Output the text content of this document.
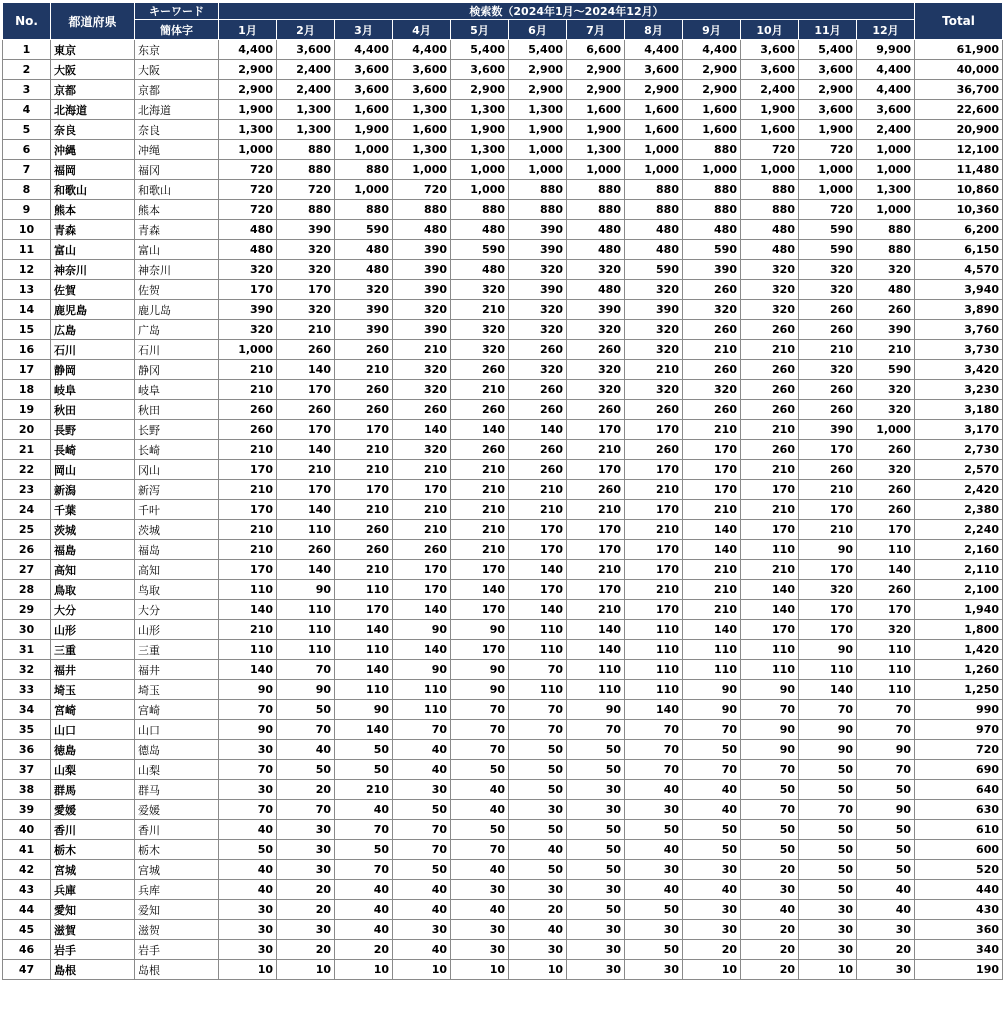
No.	都道府県	キーワード	検索数（2024年1月～2024年12月）												Total
		簡体字	1月	2月	3月	4月	5月	6月	7月	8月	9月	10月	11月	12月	
1	東京	东京	4,400	3,600	4,400	4,400	5,400	5,400	6,600	4,400	4,400	3,600	5,400	9,900	61,900
2	大阪	大阪	2,900	2,400	3,600	3,600	3,600	2,900	2,900	3,600	2,900	3,600	3,600	4,400	40,000
3	京都	京都	2,900	2,400	3,600	3,600	2,900	2,900	2,900	2,900	2,900	2,400	2,900	4,400	36,700
4	北海道	北海道	1,900	1,300	1,600	1,300	1,300	1,300	1,600	1,600	1,600	1,900	3,600	3,600	22,600
5	奈良	奈良	1,300	1,300	1,900	1,600	1,900	1,900	1,900	1,600	1,600	1,600	1,900	2,400	20,900
6	沖縄	冲绳	1,000	880	1,000	1,300	1,300	1,000	1,300	1,000	880	720	720	1,000	12,100
7	福岡	福冈	720	880	880	1,000	1,000	1,000	1,000	1,000	1,000	1,000	1,000	1,000	11,480
8	和歌山	和歌山	720	720	1,000	720	1,000	880	880	880	880	880	1,000	1,300	10,860
9	熊本	熊本	720	880	880	880	880	880	880	880	880	880	720	1,000	10,360
10	青森	青森	480	390	590	480	480	390	480	480	480	480	590	880	6,200
11	富山	富山	480	320	480	390	590	390	480	480	590	480	590	880	6,150
12	神奈川	神奈川	320	320	480	390	480	320	320	590	390	320	320	320	4,570
13	佐賀	佐贺	170	170	320	390	320	390	480	320	260	320	320	480	3,940
14	鹿児島	鹿儿岛	390	320	390	320	210	320	390	390	320	320	260	260	3,890
15	広島	广岛	320	210	390	390	320	320	320	320	260	260	260	390	3,760
16	石川	石川	1,000	260	260	210	320	260	260	320	210	210	210	210	3,730
17	静岡	静冈	210	140	210	320	260	320	320	210	260	260	320	590	3,420
18	岐阜	岐阜	210	170	260	320	210	260	320	320	320	260	260	320	3,230
19	秋田	秋田	260	260	260	260	260	260	260	260	260	260	260	320	3,180
20	長野	长野	260	170	170	140	140	140	170	170	210	210	390	1,000	3,170
21	長崎	长崎	210	140	210	320	260	260	210	260	170	260	170	260	2,730
22	岡山	冈山	170	210	210	210	210	260	170	170	170	210	260	320	2,570
23	新潟	新泻	210	170	170	170	210	210	260	210	170	170	210	260	2,420
24	千葉	千叶	170	140	210	210	210	210	210	170	210	210	170	260	2,380
25	茨城	茨城	210	110	260	210	210	170	170	210	140	170	210	170	2,240
26	福島	福岛	210	260	260	260	210	170	170	170	140	110	90	110	2,160
27	高知	高知	170	140	210	170	170	140	210	170	210	210	170	140	2,110
28	鳥取	鸟取	110	90	110	170	140	170	170	210	210	140	320	260	2,100
29	大分	大分	140	110	170	140	170	140	210	170	210	140	170	170	1,940
30	山形	山形	210	110	140	90	90	110	140	110	140	170	170	320	1,800
31	三重	三重	110	110	110	140	170	110	140	110	110	110	90	110	1,420
32	福井	福井	140	70	140	90	90	70	110	110	110	110	110	110	1,260
33	埼玉	埼玉	90	90	110	110	90	110	110	110	90	90	140	110	1,250
34	宮崎	宫崎	70	50	90	110	70	70	90	140	90	70	70	70	990
35	山口	山口	90	70	140	70	70	70	70	70	70	90	90	70	970
36	徳島	德岛	30	40	50	40	70	50	50	70	50	90	90	90	720
37	山梨	山梨	70	50	50	40	50	50	50	70	70	70	50	70	690
38	群馬	群马	30	20	210	30	40	50	30	40	40	50	50	50	640
39	愛媛	爱媛	70	70	40	50	40	30	30	30	40	70	70	90	630
40	香川	香川	40	30	70	70	50	50	50	50	50	50	50	50	610
41	栃木	栃木	50	30	50	70	70	40	50	40	50	50	50	50	600
42	宮城	宫城	40	30	70	50	40	50	50	30	30	20	50	50	520
43	兵庫	兵库	40	20	40	40	30	30	30	40	40	30	50	40	440
44	愛知	爱知	30	20	40	40	40	20	50	50	30	40	30	40	430
45	滋賀	滋贺	30	30	40	30	30	40	30	30	30	20	30	30	360
46	岩手	岩手	30	20	20	40	30	30	30	50	20	20	30	20	340
47	島根	岛根	10	10	10	10	10	10	30	30	10	20	10	30	190
